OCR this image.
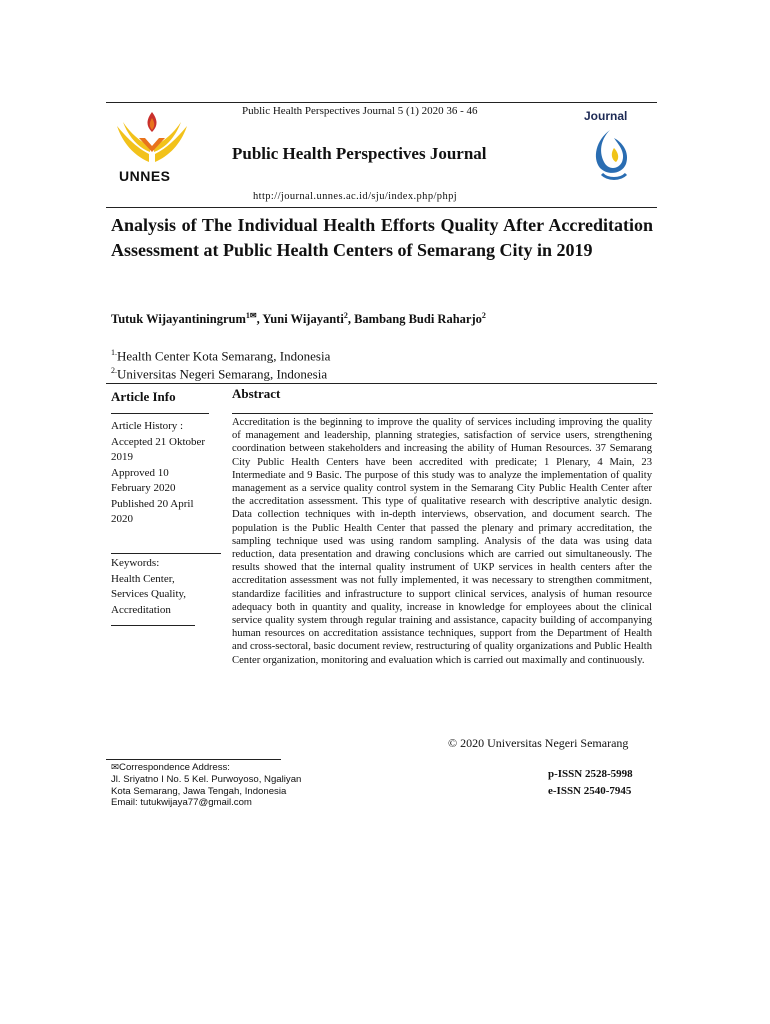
UNNES
Journal
Public Health Perspectives Journal 5 (1) 2020 36 - 46
Public Health Perspectives Journal
http://journal.unnes.ac.id/sju/index.php/phpj
Analysis of The Individual Health Efforts Quality After Accreditation Assessment at Public Health Centers of Semarang City in 2019
Tutuk Wijayantiningrum$^{1✉}$, Yuni Wijayanti$^2$, Bambang Budi Raharjo$^2$
$^{1.}$Health Center Kota Semarang, Indonesia
$^{2.}$Universitas Negeri Semarang, Indonesia
Article Info	Abstract
Article History :
Accepted 21 Oktober
2019
Approved 10
February 2020
Published 20 April
2020
Keywords:
Health Center,
Services Quality,
Accreditation
Accreditation is the beginning to improve the quality of services including improving the quality of management and leadership, planning strategies, satisfaction of service users, strengthening coordination between stakeholders and increasing the ability of Human Resources. 37 Semarang City Public Health Centers have been accredited with predicate; 1 Plenary, 4 Main, 23 Intermediate and 9 Basic. The purpose of this study was to analyze the implementation of quality management as a service quality control system in the Semarang City Public Health Center after the accreditation assessment. This type of qualitative research with descriptive analytic design. Data collection techniques with in-depth interviews, observation, and document search. The population is the Public Health Center that passed the plenary and primary accreditation, the sampling technique used was using random sampling. Analysis of the data was using data reduction, data presentation and drawing conclusions which are carried out simultaneously. The results showed that the internal quality instrument of UKP services in health centers after the accreditation assessment was not fully implemented, it was necessary to strengthen commitment, standardize facilities and infrastructure to support clinical services, analysis of human resource adequacy both in quantity and quality, increase in knowledge for employees about the clinical service quality system through regular training and assistance, capacity building of accompanying human resources on accreditation assistance techniques, support from the Department of Health and cross-sectoral, basic document review, restructuring of quality organizations and Public Health Center organization, monitoring and evaluation which is carried out maximally and continuously.
© 2020 Universitas Negeri Semarang
✉Correspondence Address:
Jl. Sriyatno I No. 5 Kel. Purwoyoso, Ngaliyan
Kota Semarang, Jawa Tengah, Indonesia
Email: tutukwijaya77@gmail.com
p-ISSN 2528-5998
e-ISSN 2540-7945
